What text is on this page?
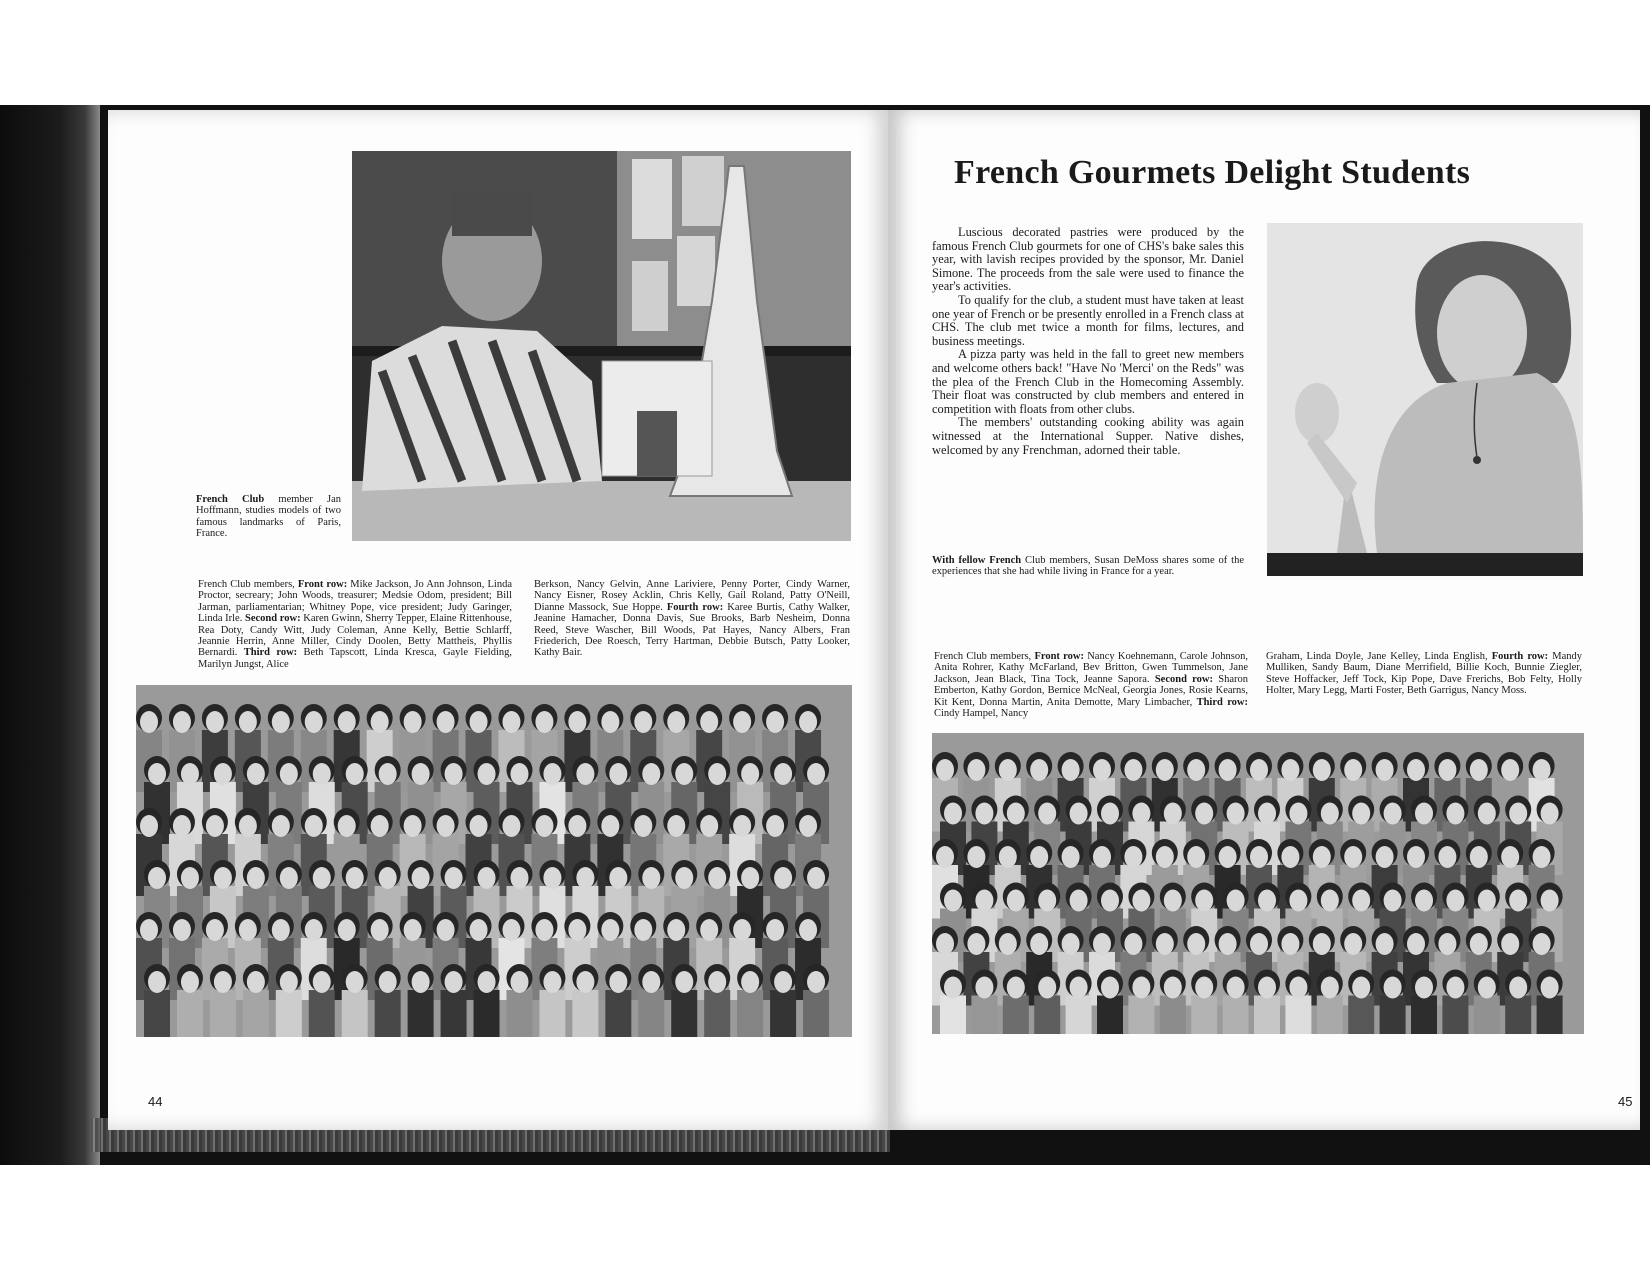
French Club member Jan Hoffmann, studies models of two famous landmarks of Paris, France.
French Club members, Front row: Mike Jackson, Jo Ann Johnson, Linda Proctor, secreary; John Woods, treasurer; Medsie Odom, president; Bill Jarman, parliamentarian; Whitney Pope, vice president; Judy Garinger, Linda Irle. Second row: Karen Gwinn, Sherry Tepper, Elaine Rittenhouse, Rea Doty, Candy Witt, Judy Coleman, Anne Kelly, Bettie Schlarff, Jeannie Herrin, Anne Miller, Cindy Doolen, Betty Mattheis, Phyllis Bernardi. Third row: Beth Tapscott, Linda Kresca, Gayle Fielding, Marilyn Jungst, Alice
Berkson, Nancy Gelvin, Anne Lariviere, Penny Porter, Cindy Warner, Nancy Eisner, Rosey Acklin, Chris Kelly, Gail Roland, Patty O'Neill, Dianne Massock, Sue Hoppe. Fourth row: Karee Burtis, Cathy Walker, Jeanine Hamacher, Donna Davis, Sue Brooks, Barb Nesheim, Donna Reed, Steve Wascher, Bill Woods, Pat Hayes, Nancy Albers, Fran Friederich, Dee Roesch, Terry Hartman, Debbie Butsch, Patty Looker, Kathy Bair.
44
French Gourmets Delight Students

Luscious decorated pastries were produced by the famous French Club gourmets for one of CHS's bake sales this year, with lavish recipes provided by the sponsor, Mr. Daniel Simone. The proceeds from the sale were used to finance the year's activities.

To qualify for the club, a student must have taken at least one year of French or be presently enrolled in a French class at CHS. The club met twice a month for films, lectures, and business meetings.

A pizza party was held in the fall to greet new members and welcome others back! "Have No 'Merci' on the Reds" was the plea of the French Club in the Homecoming Assembly. Their float was constructed by club members and entered in competition with floats from other clubs.

The members' outstanding cooking ability was again witnessed at the International Supper. Native dishes, welcomed by any Frenchman, adorned their table.

With fellow French Club members, Susan DeMoss shares some of the experiences that she had while living in France for a year.
French Club members, Front row: Nancy Koehnemann, Carole Johnson, Anita Rohrer, Kathy McFarland, Bev Britton, Gwen Tummelson, Jane Jackson, Jean Black, Tina Tock, Jeanne Sapora. Second row: Sharon Emberton, Kathy Gordon, Bernice McNeal, Georgia Jones, Rosie Kearns, Kit Kent, Donna Martin, Anita Demotte, Mary Limbacher, Third row: Cindy Hampel, Nancy
Graham, Linda Doyle, Jane Kelley, Linda English, Fourth row: Mandy Mulliken, Sandy Baum, Diane Merrifield, Billie Koch, Bunnie Ziegler, Steve Hoffacker, Jeff Tock, Kip Pope, Dave Frerichs, Bob Felty, Holly Holter, Mary Legg, Marti Foster, Beth Garrigus, Nancy Moss.
45
